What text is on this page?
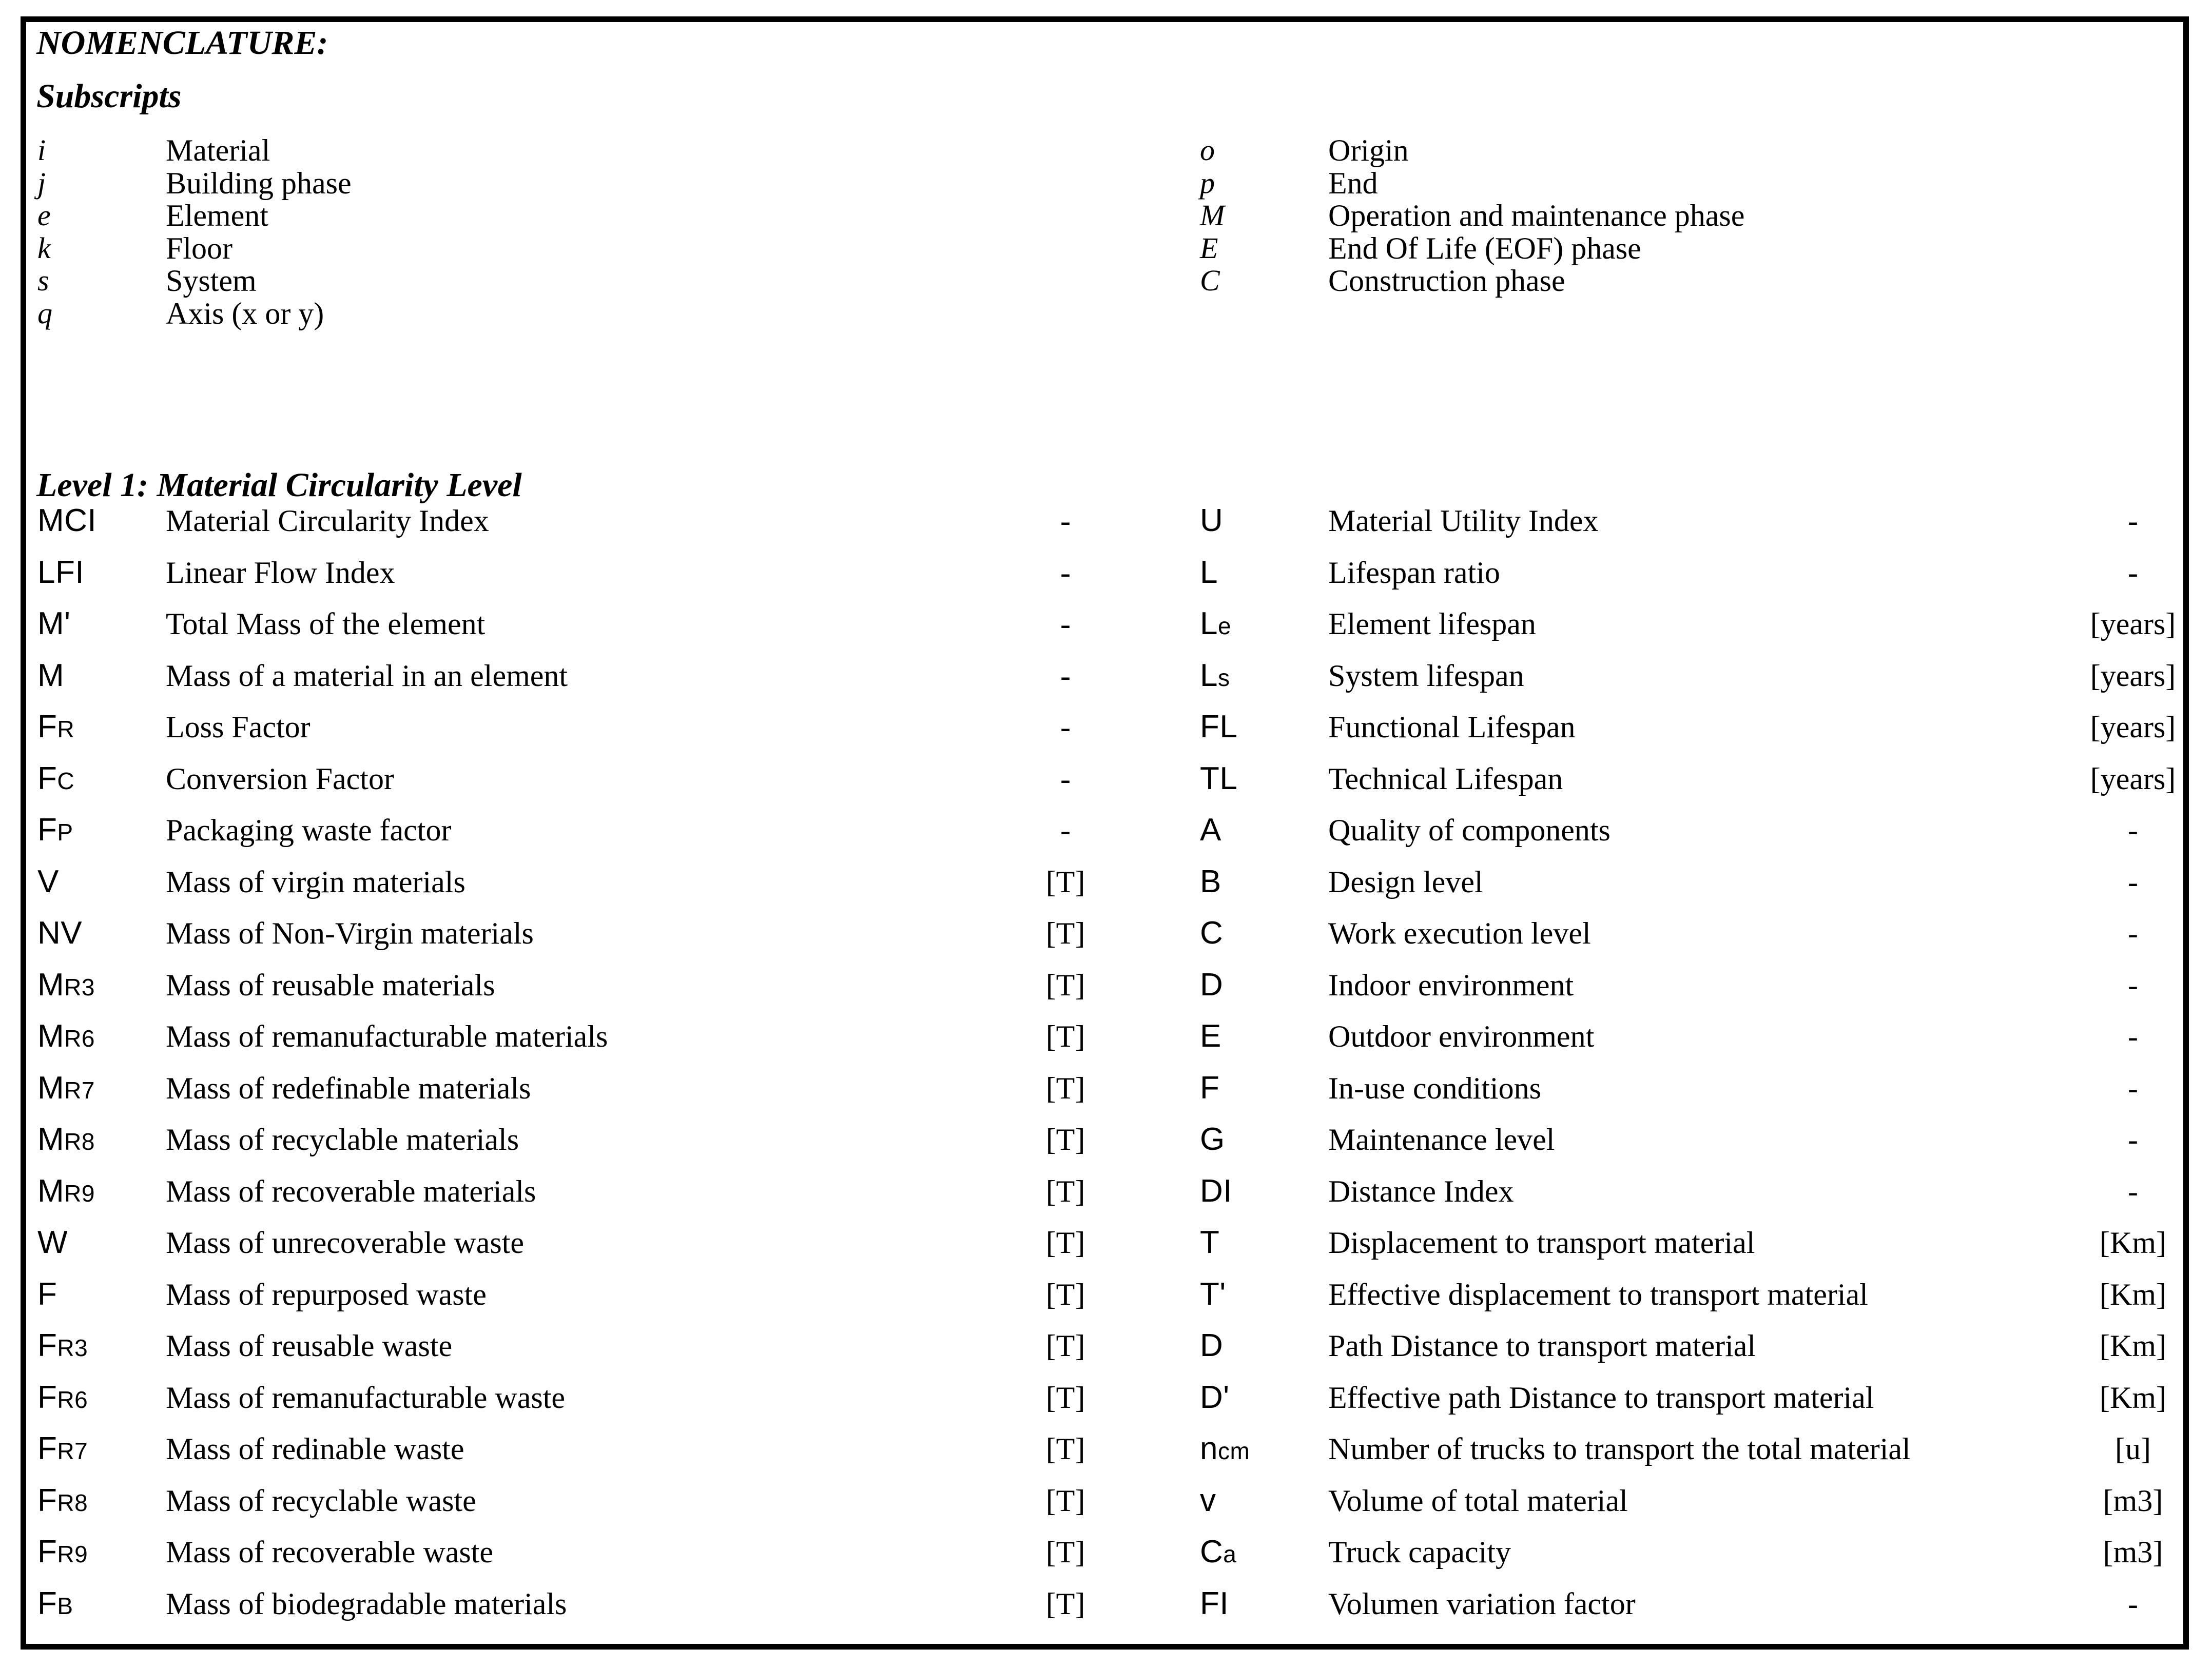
NOMENCLATURE:
Subscripts
Level 1: Material Circularity Level
i	Material
j	Building phase
e	Element
k	Floor
s	System
q	Axis (x or y)
o	Origin
p	End
M	Operation and maintenance phase
E	End Of Life (EOF) phase
C	Construction phase
MCI	Material Circularity Index	-
LFI	Linear Flow Index	-
M'	Total Mass of the element	-
M	Mass of a material in an element	-
FR	Loss Factor	-
FC	Conversion Factor	-
FP	Packaging waste factor	-
V	Mass of virgin materials	[T]
NV	Mass of Non-Virgin materials	[T]
MR3	Mass of reusable materials	[T]
MR6	Mass of remanufacturable materials	[T]
MR7	Mass of redefinable materials	[T]
MR8	Mass of recyclable materials	[T]
MR9	Mass of recoverable materials	[T]
W	Mass of unrecoverable waste	[T]
F	Mass of repurposed waste	[T]
FR3	Mass of reusable waste	[T]
FR6	Mass of remanufacturable waste	[T]
FR7	Mass of redinable waste	[T]
FR8	Mass of recyclable waste	[T]
FR9	Mass of recoverable waste	[T]
FB	Mass of biodegradable materials	[T]
U	Material Utility Index	-
L	Lifespan ratio	-
Le	Element lifespan	[years]
Ls	System lifespan	[years]
FL	Functional Lifespan	[years]
TL	Technical Lifespan	[years]
A	Quality of components	-
B	Design level	-
C	Work execution level	-
D	Indoor environment	-
E	Outdoor environment	-
F	In-use conditions	-
G	Maintenance level	-
DI	Distance Index	-
T	Displacement to transport material	[Km]
T'	Effective displacement to transport material	[Km]
D	Path Distance to transport material	[Km]
D'	Effective path Distance to transport material	[Km]
ncm	Number of trucks to transport the total material	[u]
v	Volume of total material	[m3]
Ca	Truck capacity	[m3]
FI	Volumen variation factor	-
